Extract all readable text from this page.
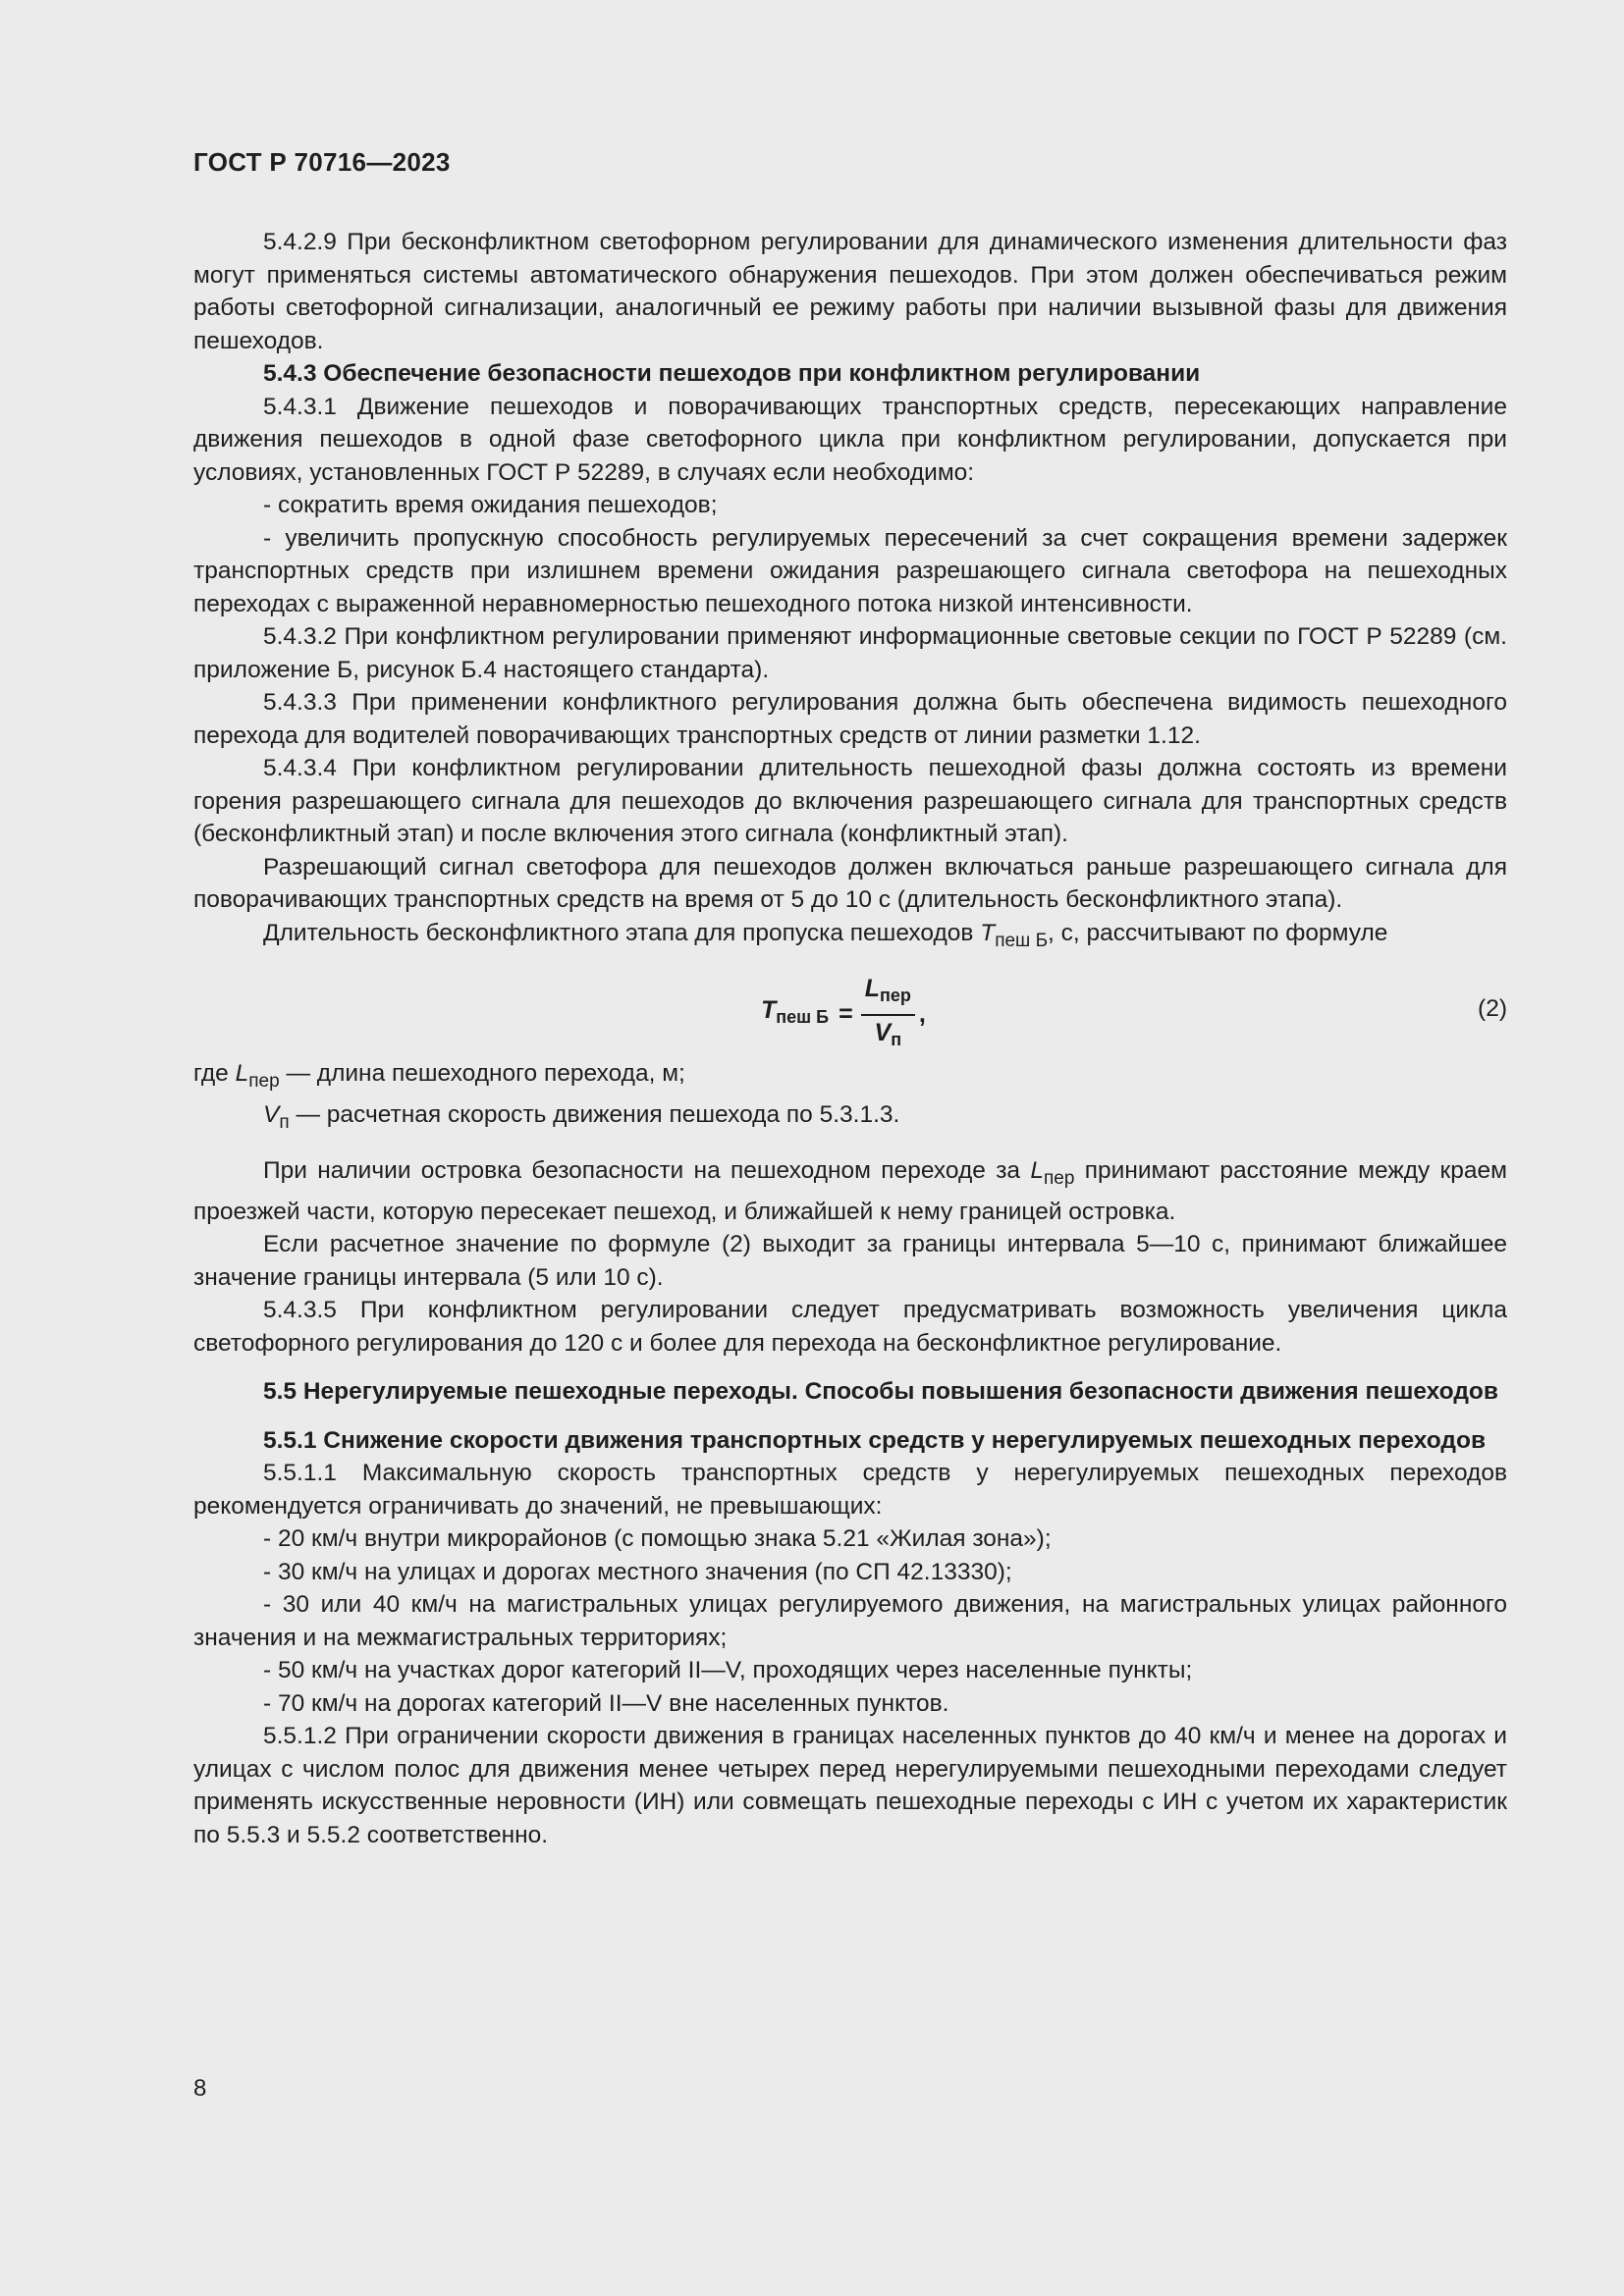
ГОСТ Р 70716—2023

5.4.2.9 При бесконфликтном светофорном регулировании для динамического изменения длительности фаз могут применяться системы автоматического обнаружения пешеходов. При этом должен обеспечиваться режим работы светофорной сигнализации, аналогичный ее режиму работы при наличии вызывной фазы для движения пешеходов.

5.4.3 Обеспечение безопасности пешеходов при конфликтном регулировании

5.4.3.1 Движение пешеходов и поворачивающих транспортных средств, пересекающих направление движения пешеходов в одной фазе светофорного цикла при конфликтном регулировании, допускается при условиях, установленных ГОСТ Р 52289, в случаях если необходимо:

- сократить время ожидания пешеходов;

- увеличить пропускную способность регулируемых пересечений за счет сокращения времени задержек транспортных средств при излишнем времени ожидания разрешающего сигнала светофора на пешеходных переходах с выраженной неравномерностью пешеходного потока низкой интенсивности.

5.4.3.2 При конфликтном регулировании применяют информационные световые секции по ГОСТ Р 52289 (см. приложение Б, рисунок Б.4 настоящего стандарта).

5.4.3.3 При применении конфликтного регулирования должна быть обеспечена видимость пешеходного перехода для водителей поворачивающих транспортных средств от линии разметки 1.12.

5.4.3.4 При конфликтном регулировании длительность пешеходной фазы должна состоять из времени горения разрешающего сигнала для пешеходов до включения разрешающего сигнала для транспортных средств (бесконфликтный этап) и после включения этого сигнала (конфликтный этап).

Разрешающий сигнал светофора для пешеходов должен включаться раньше разрешающего сигнала для поворачивающих транспортных средств на время от 5 до 10 с (длительность бесконфликтного этапа).

Длительность бесконфликтного этапа для пропуска пешеходов $T_{пеш Б}$, с, рассчитывают по формуле

$T_{пеш Б} = \frac{L_{пер}}{V_п}$ ,	(2)

где $L_{пер}$ — длина пешеходного перехода, м;

$V_п$ — расчетная скорость движения пешехода по 5.3.1.3.

При наличии островка безопасности на пешеходном переходе за $L_{пер}$ принимают расстояние между краем проезжей части, которую пересекает пешеход, и ближайшей к нему границей островка.

Если расчетное значение по формуле (2) выходит за границы интервала 5—10 с, принимают ближайшее значение границы интервала (5 или 10 с).

5.4.3.5 При конфликтном регулировании следует предусматривать возможность увеличения цикла светофорного регулирования до 120 с и более для перехода на бесконфликтное регулирование.

5.5 Нерегулируемые пешеходные переходы. Способы повышения безопасности движения пешеходов

5.5.1 Снижение скорости движения транспортных средств у нерегулируемых пешеходных переходов

5.5.1.1 Максимальную скорость транспортных средств у нерегулируемых пешеходных переходов рекомендуется ограничивать до значений, не превышающих:

- 20 км/ч внутри микрорайонов (с помощью знака 5.21 «Жилая зона»);

- 30 км/ч на улицах и дорогах местного значения (по СП 42.13330);

- 30 или 40 км/ч на магистральных улицах регулируемого движения, на магистральных улицах районного значения и на межмагистральных территориях;

- 50 км/ч на участках дорог категорий II—V, проходящих через населенные пункты;

- 70 км/ч на дорогах категорий II—V вне населенных пунктов.

5.5.1.2 При ограничении скорости движения в границах населенных пунктов до 40 км/ч и менее на дорогах и улицах с числом полос для движения менее четырех перед нерегулируемыми пешеходными переходами следует применять искусственные неровности (ИН) или совмещать пешеходные переходы с ИН с учетом их характеристик по 5.5.3 и 5.5.2 соответственно.

8
